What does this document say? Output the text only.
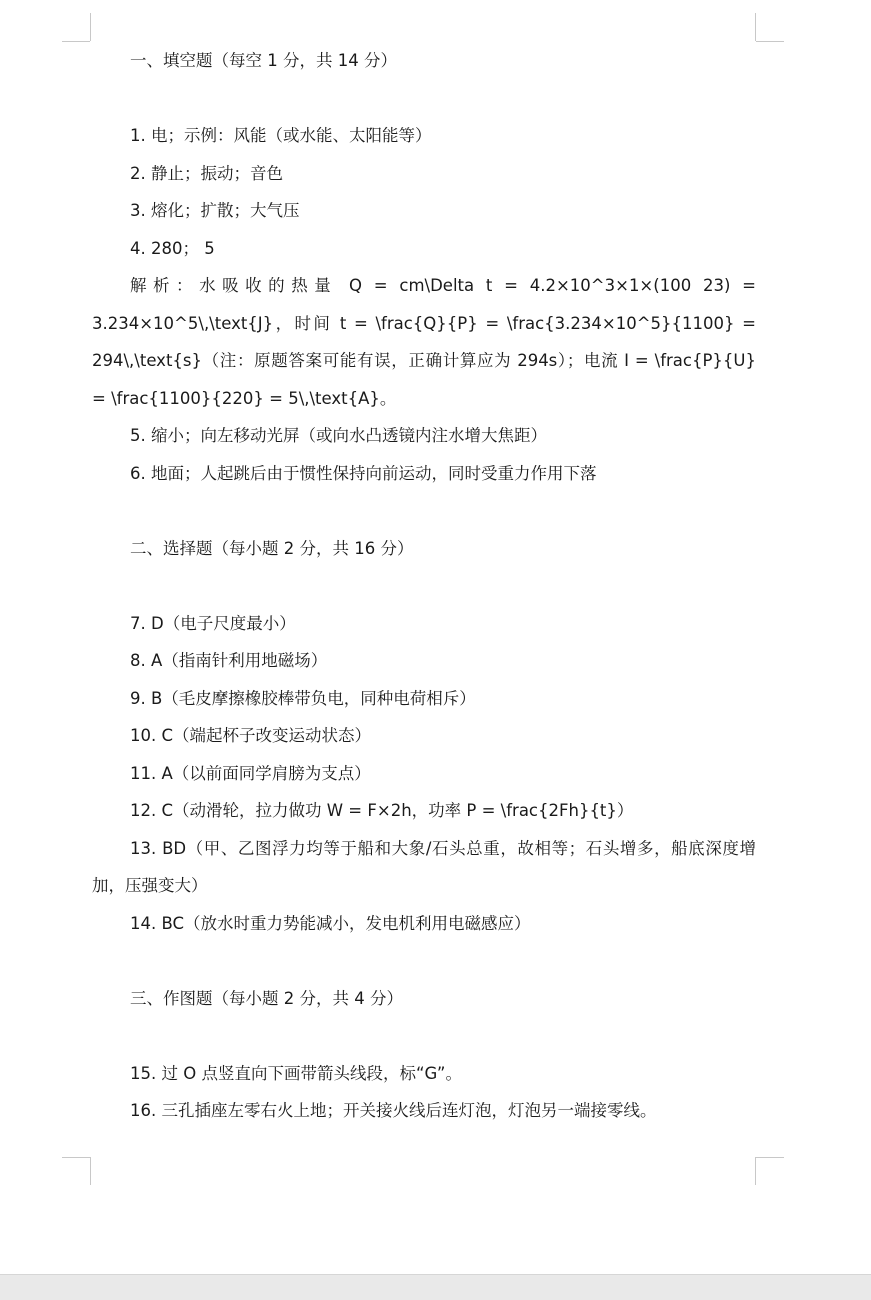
一、填空题（每空 1 分，共 14 分）
1. 电；示例：风能（或水能、太阳能等）
2. 静止；振动；音色
3. 熔化；扩散；大气压
4. 280； 5
解析：水吸收的热量 Q = cm\Delta t = 4.2×10^3×1×(100 23) = 3.234×10^5\,\text{J}，时间 t = \frac{Q}{P} = \frac{3.234×10^5}{1100} = 294\,\text{s}（注：原题答案可能有误，正确计算应为 294s）；电流 I = \frac{P}{U} = \frac{1100}{220} = 5\,\text{A}。
5. 缩小；向左移动光屏（或向水凸透镜内注水增大焦距）
6. 地面；人起跳后由于惯性保持向前运动，同时受重力作用下落
二、选择题（每小题 2 分，共 16 分）
7. D（电子尺度最小）
8. A（指南针利用地磁场）
9. B（毛皮摩擦橡胶棒带负电，同种电荷相斥）
10. C（端起杯子改变运动状态）
11. A（以前面同学肩膀为支点）
12. C（动滑轮，拉力做功 W = F×2h，功率 P = \frac{2Fh}{t}）
13. BD（甲、乙图浮力均等于船和大象/石头总重，故相等；石头增多，船底深度增加，压强变大）
14. BC（放水时重力势能减小，发电机利用电磁感应）
三、作图题（每小题 2 分，共 4 分）
15. 过 O 点竖直向下画带箭头线段，标“G”。
16. 三孔插座左零右火上地；开关接火线后连灯泡，灯泡另一端接零线。
